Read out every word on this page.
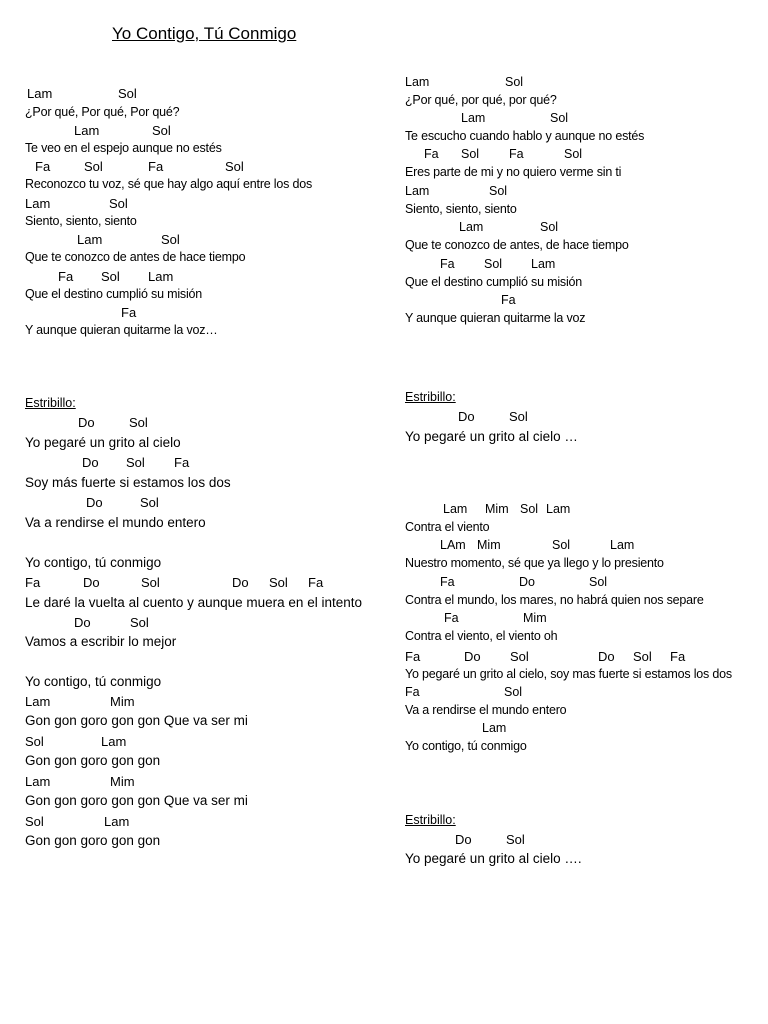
Yo Contigo, Tú Conmigo
Lam	Sol
¿Por qué, Por qué, Por qué?
Lam	Sol
Te veo en el espejo aunque no estés
Fa	Sol	Fa	Sol
Reconozco tu voz, sé que hay algo aquí entre los dos
Lam	Sol
Siento, siento, siento
Lam	Sol
Que te conozco de antes de hace tiempo
Fa Sol Lam
Que el destino cumplió su misión
Fa
Y aunque quieran quitarme la voz…
Estribillo:
Do	Sol
Yo pegaré un grito al cielo
Do Sol Fa
Soy más fuerte si estamos los dos
Do	Sol
Va a rendirse el mundo entero
Yo contigo, tú conmigo
Fa	Do	Sol	Do Sol Fa
Le daré la vuelta al cuento y aunque muera en el intento
Do	Sol
Vamos a escribir lo mejor
Yo contigo, tú conmigo
Lam	Mim
Gon gon goro gon gon Que va ser mi
Sol	Lam
Gon gon goro gon gon
Lam	Mim
Gon gon goro gon gon Que va ser mi
Sol	Lam
Gon gon goro gon gon
Lam	Sol
¿Por qué, por qué, por qué?
Lam	Sol
Te escucho cuando hablo y aunque no estés
Fa Sol Fa	Sol
Eres parte de mi y no quiero verme sin ti
Lam	Sol
Siento, siento, siento
Lam	Sol
Que te conozco de antes, de hace tiempo
Fa Sol Lam
Que el destino cumplió su misión
Fa
Y aunque quieran quitarme la voz
Estribillo:
Do	Sol
Yo pegaré un grito al cielo …
Lam Mim Sol Lam
Contra el viento
LAm Mim	Sol	Lam
Nuestro momento, sé que ya llego y lo presiento
Fa	Do	Sol
Contra el mundo, los mares, no habrá quien nos separe
Fa	Mim
Contra el viento, el viento oh
Fa	Do Sol	Do Sol Fa
Yo pegaré un grito al cielo, soy mas fuerte si estamos los dos
Fa	Sol
Va a rendirse el mundo entero
Lam
Yo contigo, tú conmigo
Estribillo:
Do	Sol
Yo pegaré un grito al cielo ….
